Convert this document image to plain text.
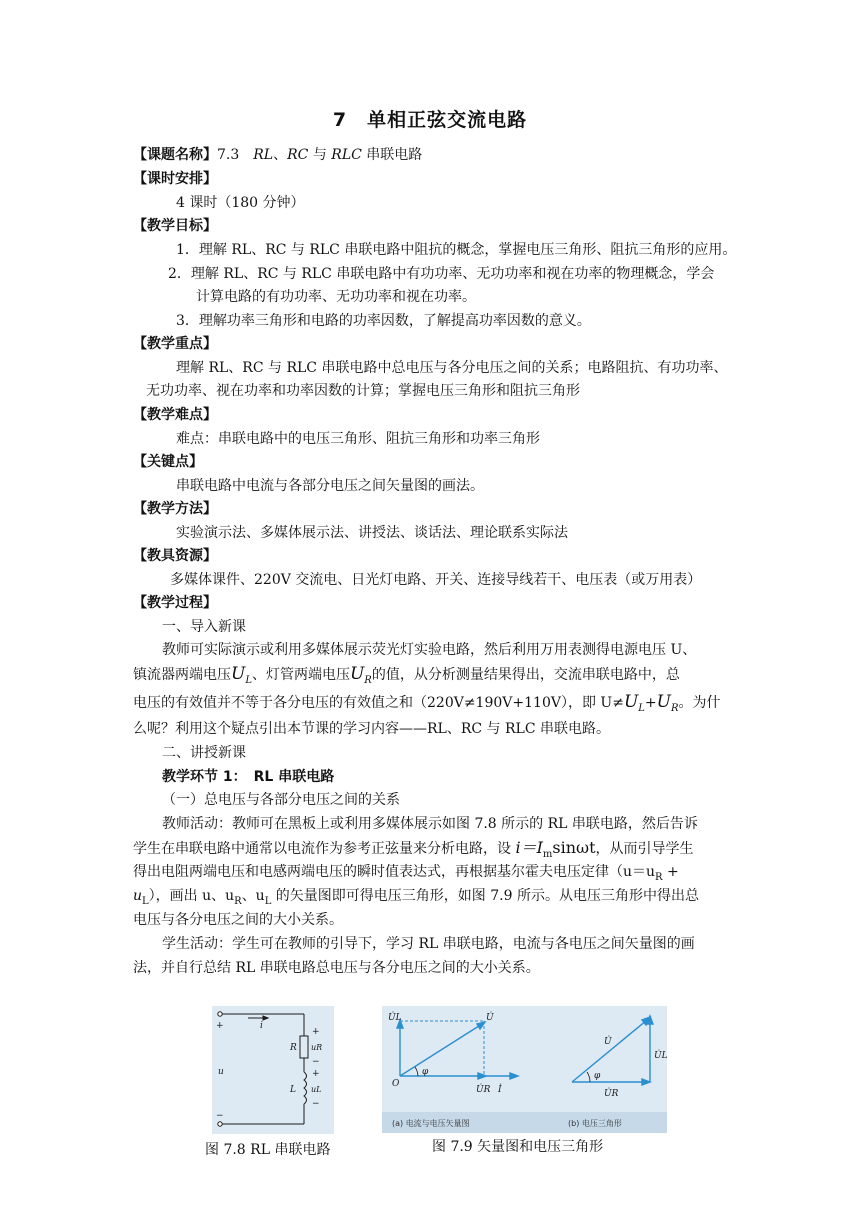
7　单相正弦交流电路
【课题名称】7.3　RL、RC 与 RLC 串联电路
【课时安排】
4 课时（180 分钟）
【教学目标】
1．理解 RL、RC 与 RLC 串联电路中阻抗的概念，掌握电压三角形、阻抗三角形的应用。
2．理解 RL、RC 与 RLC 串联电路中有功功率、无功功率和视在功率的物理概念，学会
计算电路的有功功率、无功功率和视在功率。
3．理解功率三角形和电路的功率因数，了解提高功率因数的意义。
【教学重点】
理解 RL、RC 与 RLC 串联电路中总电压与各分电压之间的关系；电路阻抗、有功功率、
无功功率、视在功率和功率因数的计算；掌握电压三角形和阻抗三角形
【教学难点】
难点：串联电路中的电压三角形、阻抗三角形和功率三角形
【关键点】
串联电路中电流与各部分电压之间矢量图的画法。
【教学方法】
实验演示法、多媒体展示法、讲授法、谈话法、理论联系实际法
【教具资源】
多媒体课件、220V 交流电、日光灯电路、开关、连接导线若干、电压表（或万用表）
【教学过程】
一、导入新课
教师可实际演示或利用多媒体展示荧光灯实验电路，然后利用万用表测得电源电压 U、
镇流器两端电压$U_L$、灯管两端电压$U_R$的值，从分析测量结果得出，交流串联电路中，总
电压的有效值并不等于各分电压的有效值之和（220V≠190V+110V），即 $U\ne U_L+U_R$。为什
么呢？利用这个疑点引出本节课的学习内容——RL、RC 与 RLC 串联电路。
二、讲授新课
教学环节 1：　RL 串联电路
（一）总电压与各部分电压之间的关系
教师活动：教师可在黑板上或利用多媒体展示如图 7.8 所示的 RL 串联电路，然后告诉
学生在串联电路中通常以电流作为参考正弦量来分析电路，设 $i=I_m\sin\omega t$，从而引导学生
得出电阻两端电压和电感两端电压的瞬时值表达式，再根据基尔霍夫电压定律（$u=u_R$ +
$u_L$），画出 u、$u_R$、$u_L$ 的矢量图即可得电压三角形，如图 7.9 所示。从电压三角形中得出总
电压与各分电压之间的大小关系。
学生活动：学生可在教师的引导下，学习 RL 串联电路，电流与各电压之间矢量图的画
法，并自行总结 RL 串联电路总电压与各分电压之间的大小关系。
+
−
i
u
R
L
+
uR
−
+
uL
−
图 7.8 RL 串联电路
U̇L	U̇
O
φ
U̇R İ
U̇
U̇L
φ
U̇R
(a) 电流与电压矢量图	(b) 电压三角形
图 7.9 矢量图和电压三角形
